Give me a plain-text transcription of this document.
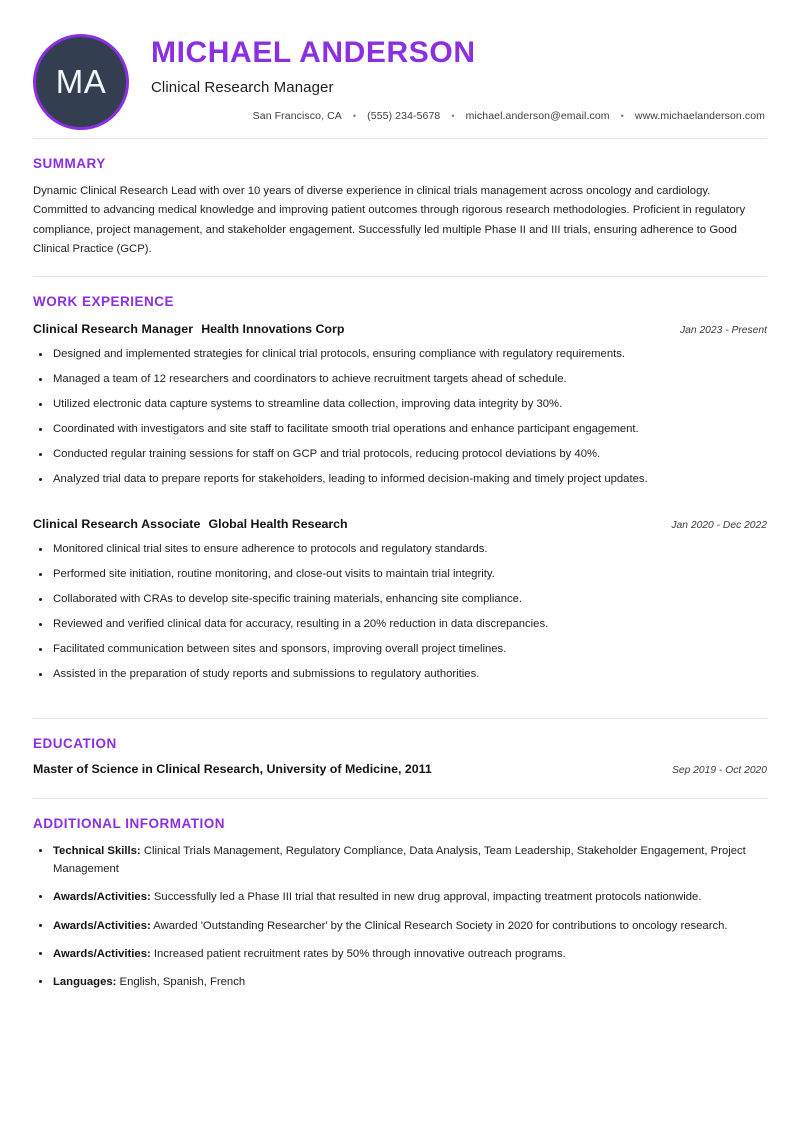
MA
MICHAEL ANDERSON
Clinical Research Manager
San Francisco, CA • (555) 234-5678 • michael.anderson@email.com • www.michaelanderson.com
SUMMARY

Dynamic Clinical Research Lead with over 10 years of diverse experience in clinical trials management across oncology and cardiology. Committed to advancing medical knowledge and improving patient outcomes through rigorous research methodologies. Proficient in regulatory compliance, project management, and stakeholder engagement. Successfully led multiple Phase II and III trials, ensuring adherence to Good Clinical Practice (GCP).

WORK EXPERIENCE
Clinical Research Manager Health Innovations Corp	Jan 2023 - Present
Designed and implemented strategies for clinical trial protocols, ensuring compliance with regulatory requirements.
Managed a team of 12 researchers and coordinators to achieve recruitment targets ahead of schedule.
Utilized electronic data capture systems to streamline data collection, improving data integrity by 30%.
Coordinated with investigators and site staff to facilitate smooth trial operations and enhance participant engagement.
Conducted regular training sessions for staff on GCP and trial protocols, reducing protocol deviations by 40%.
Analyzed trial data to prepare reports for stakeholders, leading to informed decision-making and timely project updates.
Clinical Research Associate Global Health Research	Jan 2020 - Dec 2022
Monitored clinical trial sites to ensure adherence to protocols and regulatory standards.
Performed site initiation, routine monitoring, and close-out visits to maintain trial integrity.
Collaborated with CRAs to develop site-specific training materials, enhancing site compliance.
Reviewed and verified clinical data for accuracy, resulting in a 20% reduction in data discrepancies.
Facilitated communication between sites and sponsors, improving overall project timelines.
Assisted in the preparation of study reports and submissions to regulatory authorities.
EDUCATION
Master of Science in Clinical Research, University of Medicine, 2011	Sep 2019 - Oct 2020
ADDITIONAL INFORMATION
Technical Skills: Clinical Trials Management, Regulatory Compliance, Data Analysis, Team Leadership, Stakeholder Engagement, Project Management
Awards/Activities: Successfully led a Phase III trial that resulted in new drug approval, impacting treatment protocols nationwide.
Awards/Activities: Awarded 'Outstanding Researcher' by the Clinical Research Society in 2020 for contributions to oncology research.
Awards/Activities: Increased patient recruitment rates by 50% through innovative outreach programs.
Languages: English, Spanish, French
